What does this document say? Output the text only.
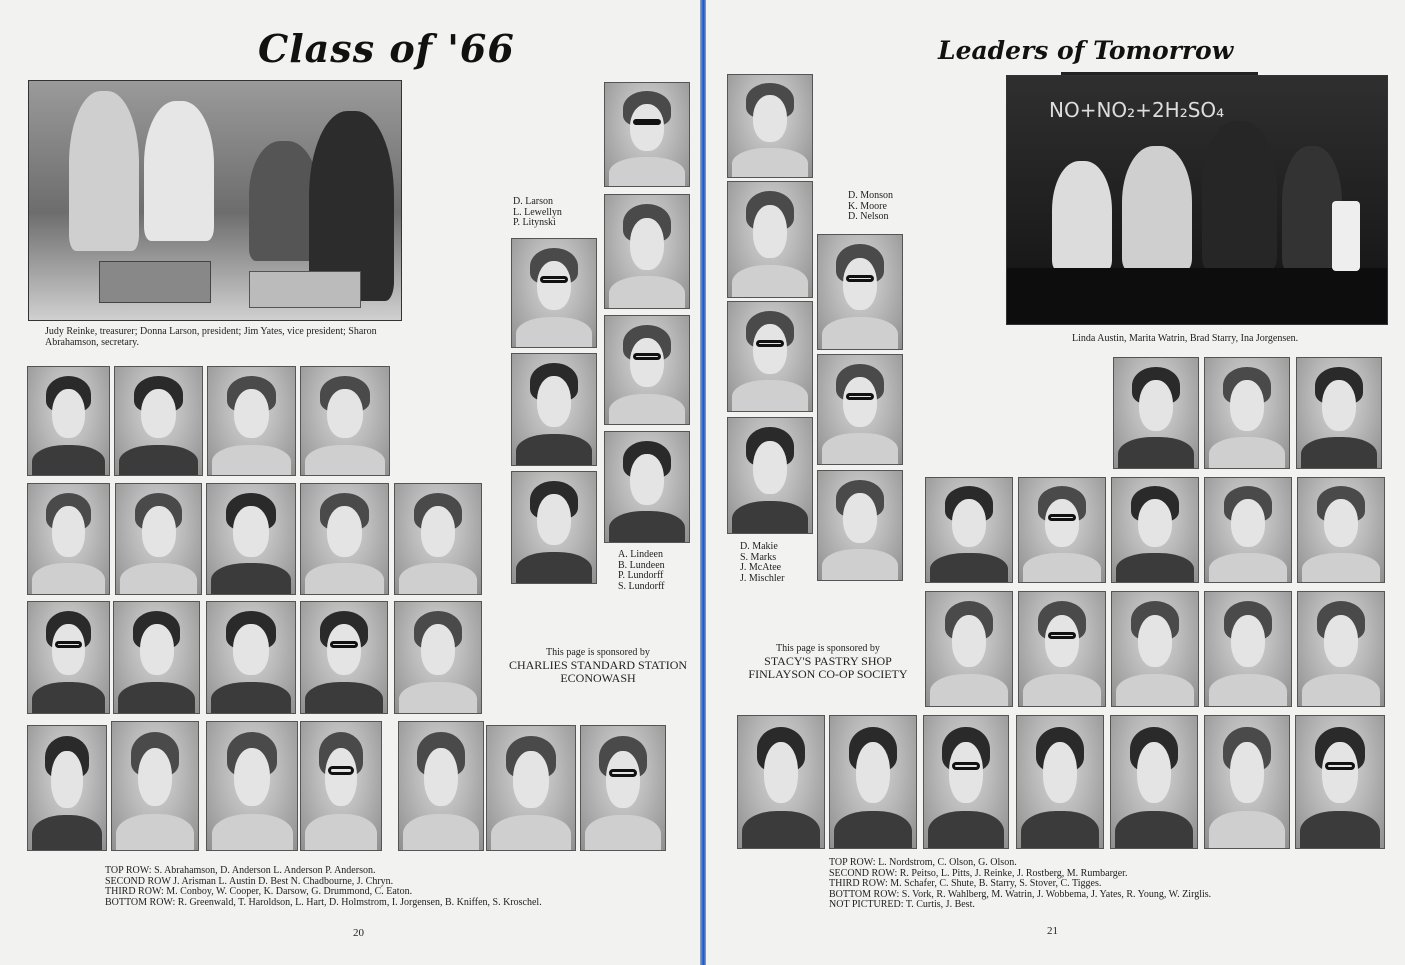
Class of '66
Judy Reinke, treasurer; Donna Larson, president; Jim Yates, vice president; Sharon Abrahamson, secretary.
D. Larson
L. Lewellyn
P. Litynski
A. Lindeen
B. Lundeen
P. Lundorff
S. Lundorff
This page is sponsored by
CHARLIES STANDARD STATION
ECONOWASH
TOP ROW: S. Abrahamson, D. Anderson L. Anderson P. Anderson.
SECOND ROW J. Arisman L. Austin D. Best N. Chadbourne, J. Chryn.
THIRD ROW: M. Conboy, W. Cooper, K. Darsow, G. Drummond, C. Eaton.
BOTTOM ROW: R. Greenwald, T. Haroldson, L. Hart, D. Holmstrom, I. Jorgensen, B. Kniffen, S. Kroschel.
20
Leaders of Tomorrow
NO+NO₂+2H₂SO₄
Linda Austin, Marita Watrin, Brad Starry, Ina Jorgensen.
D. Monson
K. Moore
D. Nelson
D. Makie
S. Marks
J. McAtee
J. Mischler
This page is sponsored by
STACY'S PASTRY SHOP
FINLAYSON CO-OP SOCIETY
TOP ROW: L. Nordstrom, C. Olson, G. Olson.
SECOND ROW: R. Peitso, L. Pitts, J. Reinke, J. Rostberg, M. Rumbarger.
THIRD ROW: M. Schafer, C. Shute, B. Starry, S. Stover, C. Tigges.
BOTTOM ROW: S. Vork, R. Wahlberg, M. Watrin, J. Wobbema, J. Yates, R. Young, W. Zirglis.
NOT PICTURED: T. Curtis, J. Best.
21
